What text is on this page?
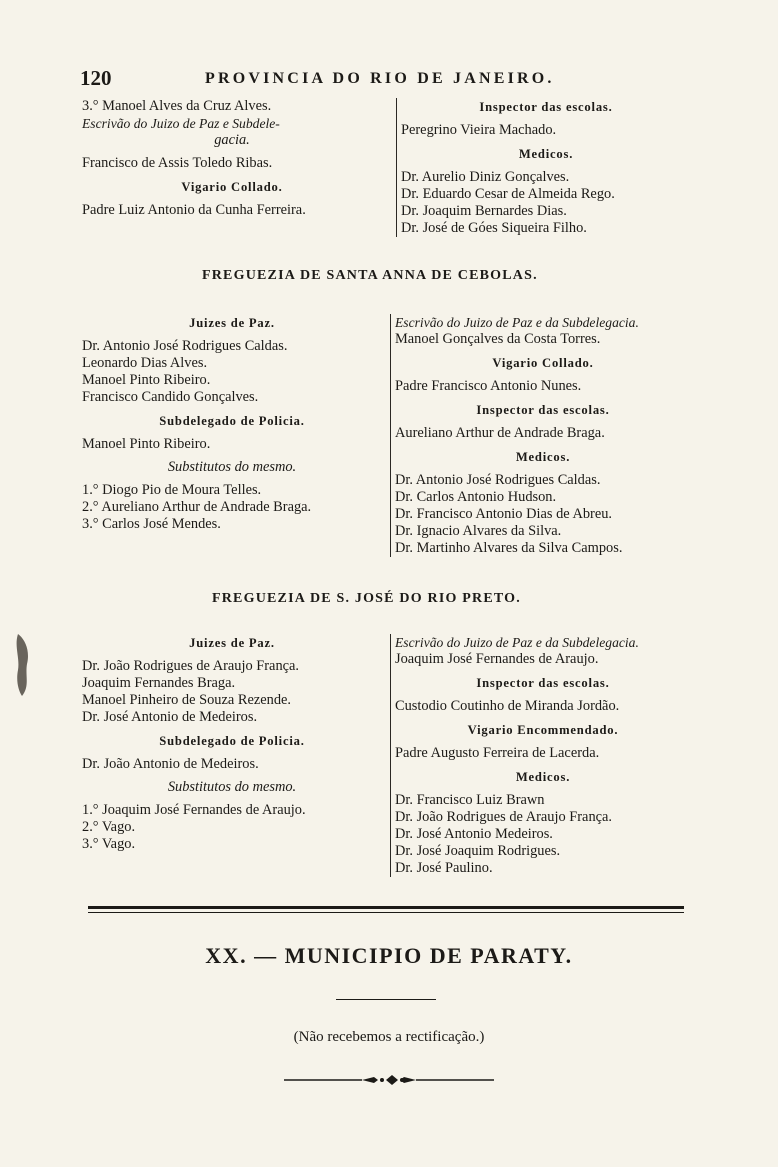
120	PROVINCIA DO RIO DE JANEIRO.
3.° Manoel Alves da Cruz Alves.
Escrivão do Juizo de Paz e Subdele-
gacia.
Francisco de Assis Toledo Ribas.
Vigario Collado.
Padre Luiz Antonio da Cunha Ferreira.
Inspector das escolas.
Peregrino Vieira Machado.
Medicos.
Dr. Aurelio Diniz Gonçalves.
Dr. Eduardo Cesar de Almeida Rego.
Dr. Joaquim Bernardes Dias.
Dr. José de Góes Siqueira Filho.
FREGUEZIA DE SANTA ANNA DE CEBOLAS.
Juizes de Paz.
Dr. Antonio José Rodrigues Caldas.
Leonardo Dias Alves.
Manoel Pinto Ribeiro.
Francisco Candido Gonçalves.
Subdelegado de Policia.
Manoel Pinto Ribeiro.
Substitutos do mesmo.
1.° Diogo Pio de Moura Telles.
2.° Aureliano Arthur de Andrade Braga.
3.° Carlos José Mendes.
Escrivão do Juizo de Paz e da Subdelegacia.
Manoel Gonçalves da Costa Torres.
Vigario Collado.
Padre Francisco Antonio Nunes.
Inspector das escolas.
Aureliano Arthur de Andrade Braga.
Medicos.
Dr. Antonio José Rodrigues Caldas.
Dr. Carlos Antonio Hudson.
Dr. Francisco Antonio Dias de Abreu.
Dr. Ignacio Alvares da Silva.
Dr. Martinho Alvares da Silva Campos.
FREGUEZIA DE S. JOSÉ DO RIO PRETO.
Juizes de Paz.
Dr. João Rodrigues de Araujo França.
Joaquim Fernandes Braga.
Manoel Pinheiro de Souza Rezende.
Dr. José Antonio de Medeiros.
Subdelegado de Policia.
Dr. João Antonio de Medeiros.
Substitutos do mesmo.
1.° Joaquim José Fernandes de Araujo.
2.° Vago.
3.° Vago.
Escrivão do Juizo de Paz e da Subdelegacia.
Joaquim José Fernandes de Araujo.
Inspector das escolas.
Custodio Coutinho de Miranda Jordão.
Vigario Encommendado.
Padre Augusto Ferreira de Lacerda.
Medicos.
Dr. Francisco Luiz Brawn
Dr. João Rodrigues de Araujo França.
Dr. José Antonio Medeiros.
Dr. José Joaquim Rodrigues.
Dr. José Paulino.
XX. — MUNICIPIO DE PARATY.
(Não recebemos a rectificação.)
